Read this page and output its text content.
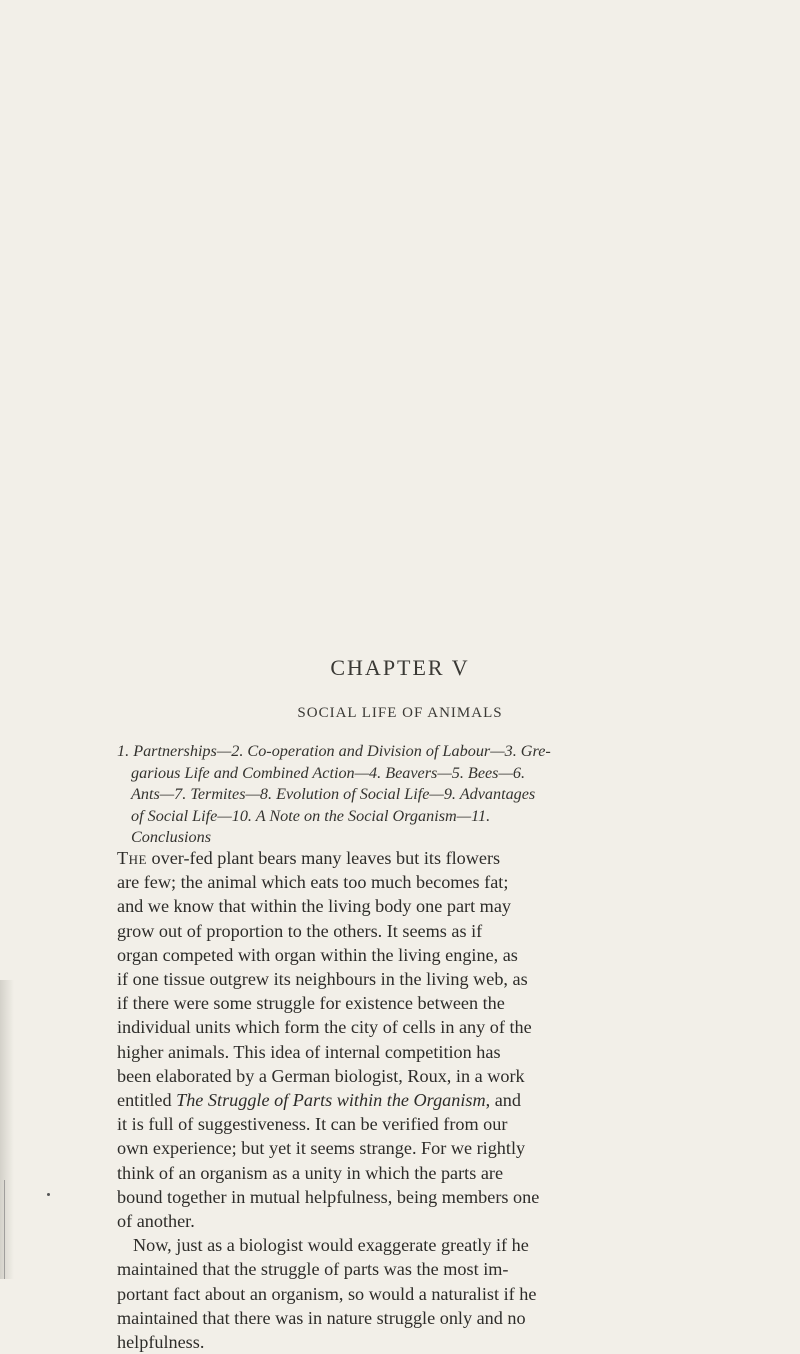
CHAPTER V
SOCIAL LIFE OF ANIMALS
1. Partnerships—2. Co-operation and Division of Labour—3. Gre-
garious Life and Combined Action—4. Beavers—5. Bees—6.
Ants—7. Termites—8. Evolution of Social Life—9. Advantages
of Social Life—10. A Note on the Social Organism—11.
Conclusions
The over-fed plant bears many leaves but its flowers
are few; the animal which eats too much becomes fat;
and we know that within the living body one part may
grow out of proportion to the others. It seems as if
organ competed with organ within the living engine, as
if one tissue outgrew its neighbours in the living web, as
if there were some struggle for existence between the
individual units which form the city of cells in any of the
higher animals. This idea of internal competition has
been elaborated by a German biologist, Roux, in a work
entitled The Struggle of Parts within the Organism, and
it is full of suggestiveness. It can be verified from our
own experience; but yet it seems strange. For we rightly
think of an organism as a unity in which the parts are
bound together in mutual helpfulness, being members one
of another.
Now, just as a biologist would exaggerate greatly if he
maintained that the struggle of parts was the most im-
portant fact about an organism, so would a naturalist if he
maintained that there was in nature struggle only and no
helpfulness.
